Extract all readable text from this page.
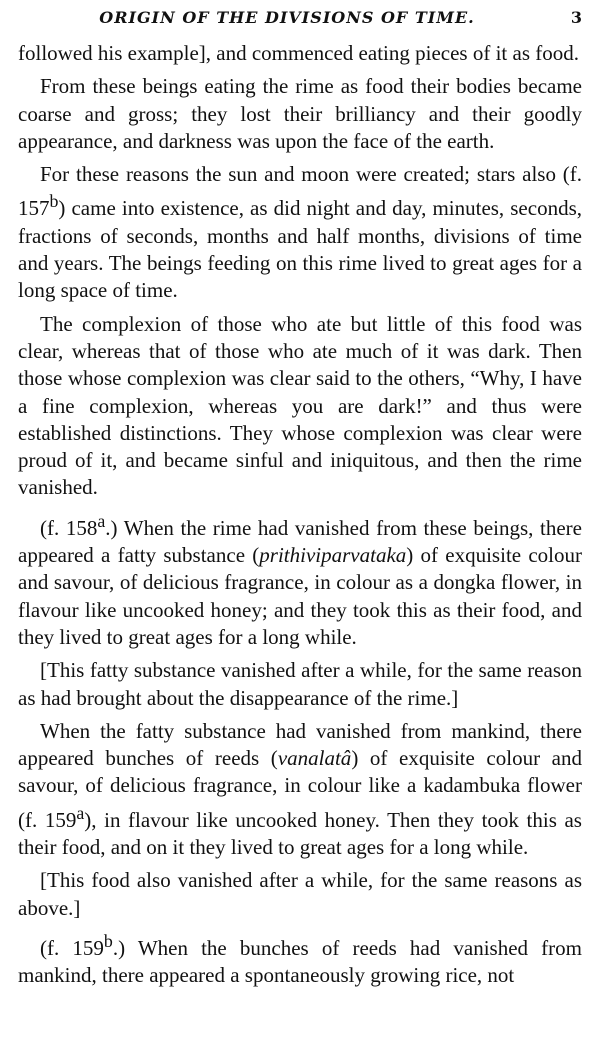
ORIGIN OF THE DIVISIONS OF TIME.	3

followed his example], and commenced eating pieces of it as food.

From these beings eating the rime as food their bodies became coarse and gross; they lost their brilliancy and their goodly appearance, and darkness was upon the face of the earth.

For these reasons the sun and moon were created; stars also (f. 157$^b$) came into existence, as did night and day, minutes, seconds, fractions of seconds, months and half months, divisions of time and years. The beings feeding on this rime lived to great ages for a long space of time.

The complexion of those who ate but little of this food was clear, whereas that of those who ate much of it was dark. Then those whose complexion was clear said to the others, “Why, I have a fine complexion, whereas you are dark!” and thus were established distinctions. They whose complexion was clear were proud of it, and became sinful and iniquitous, and then the rime vanished.

(f. 158$^a$.) When the rime had vanished from these beings, there appeared a fatty substance (prithiviparvataka) of exquisite colour and savour, of delicious fragrance, in colour as a dongka flower, in flavour like uncooked honey; and they took this as their food, and they lived to great ages for a long while.

[This fatty substance vanished after a while, for the same reason as had brought about the disappearance of the rime.]

When the fatty substance had vanished from mankind, there appeared bunches of reeds (vanalatâ) of exquisite colour and savour, of delicious fragrance, in colour like a kadambuka flower (f. 159$^a$), in flavour like uncooked honey. Then they took this as their food, and on it they lived to great ages for a long while.

[This food also vanished after a while, for the same reasons as above.]

(f. 159$^b$.) When the bunches of reeds had vanished from mankind, there appeared a spontaneously growing rice, not
